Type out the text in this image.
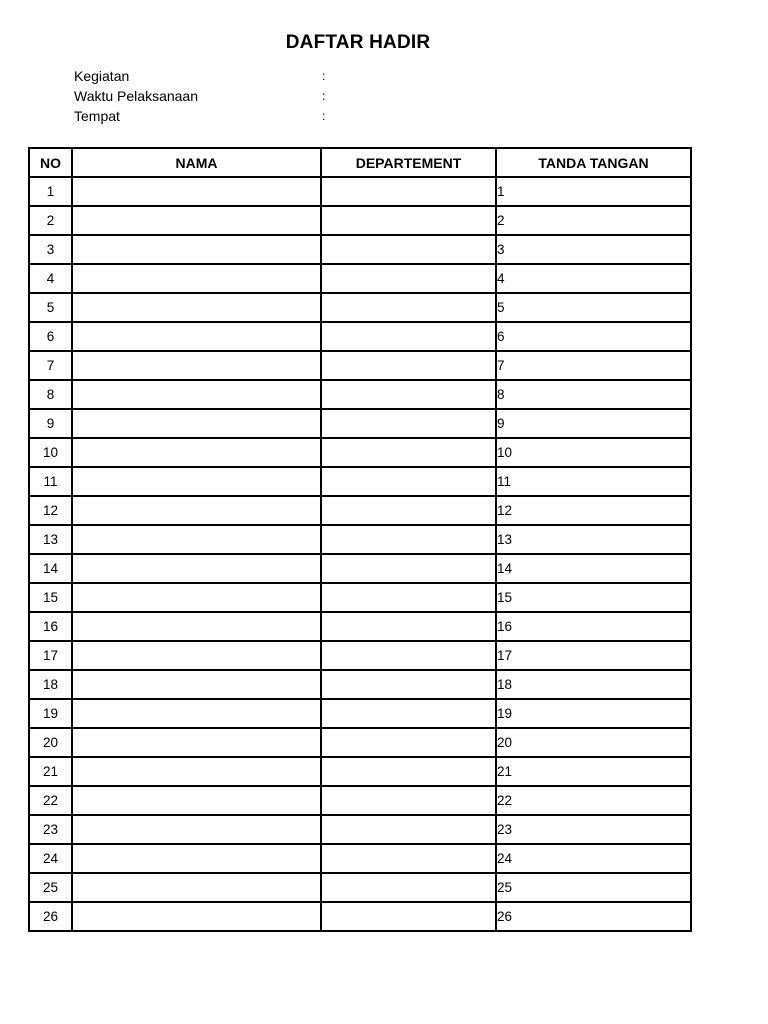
DAFTAR HADIR
Kegiatan	:
Waktu Pelaksanaan	:
Tempat	:
NO	NAMA	DEPARTEMENT	TANDA TANGAN
1			1
2			2
3			3
4			4
5			5
6			6
7			7
8			8
9			9
10			10
11			11
12			12
13			13
14			14
15			15
16			16
17			17
18			18
19			19
20			20
21			21
22			22
23			23
24			24
25			25
26			26
